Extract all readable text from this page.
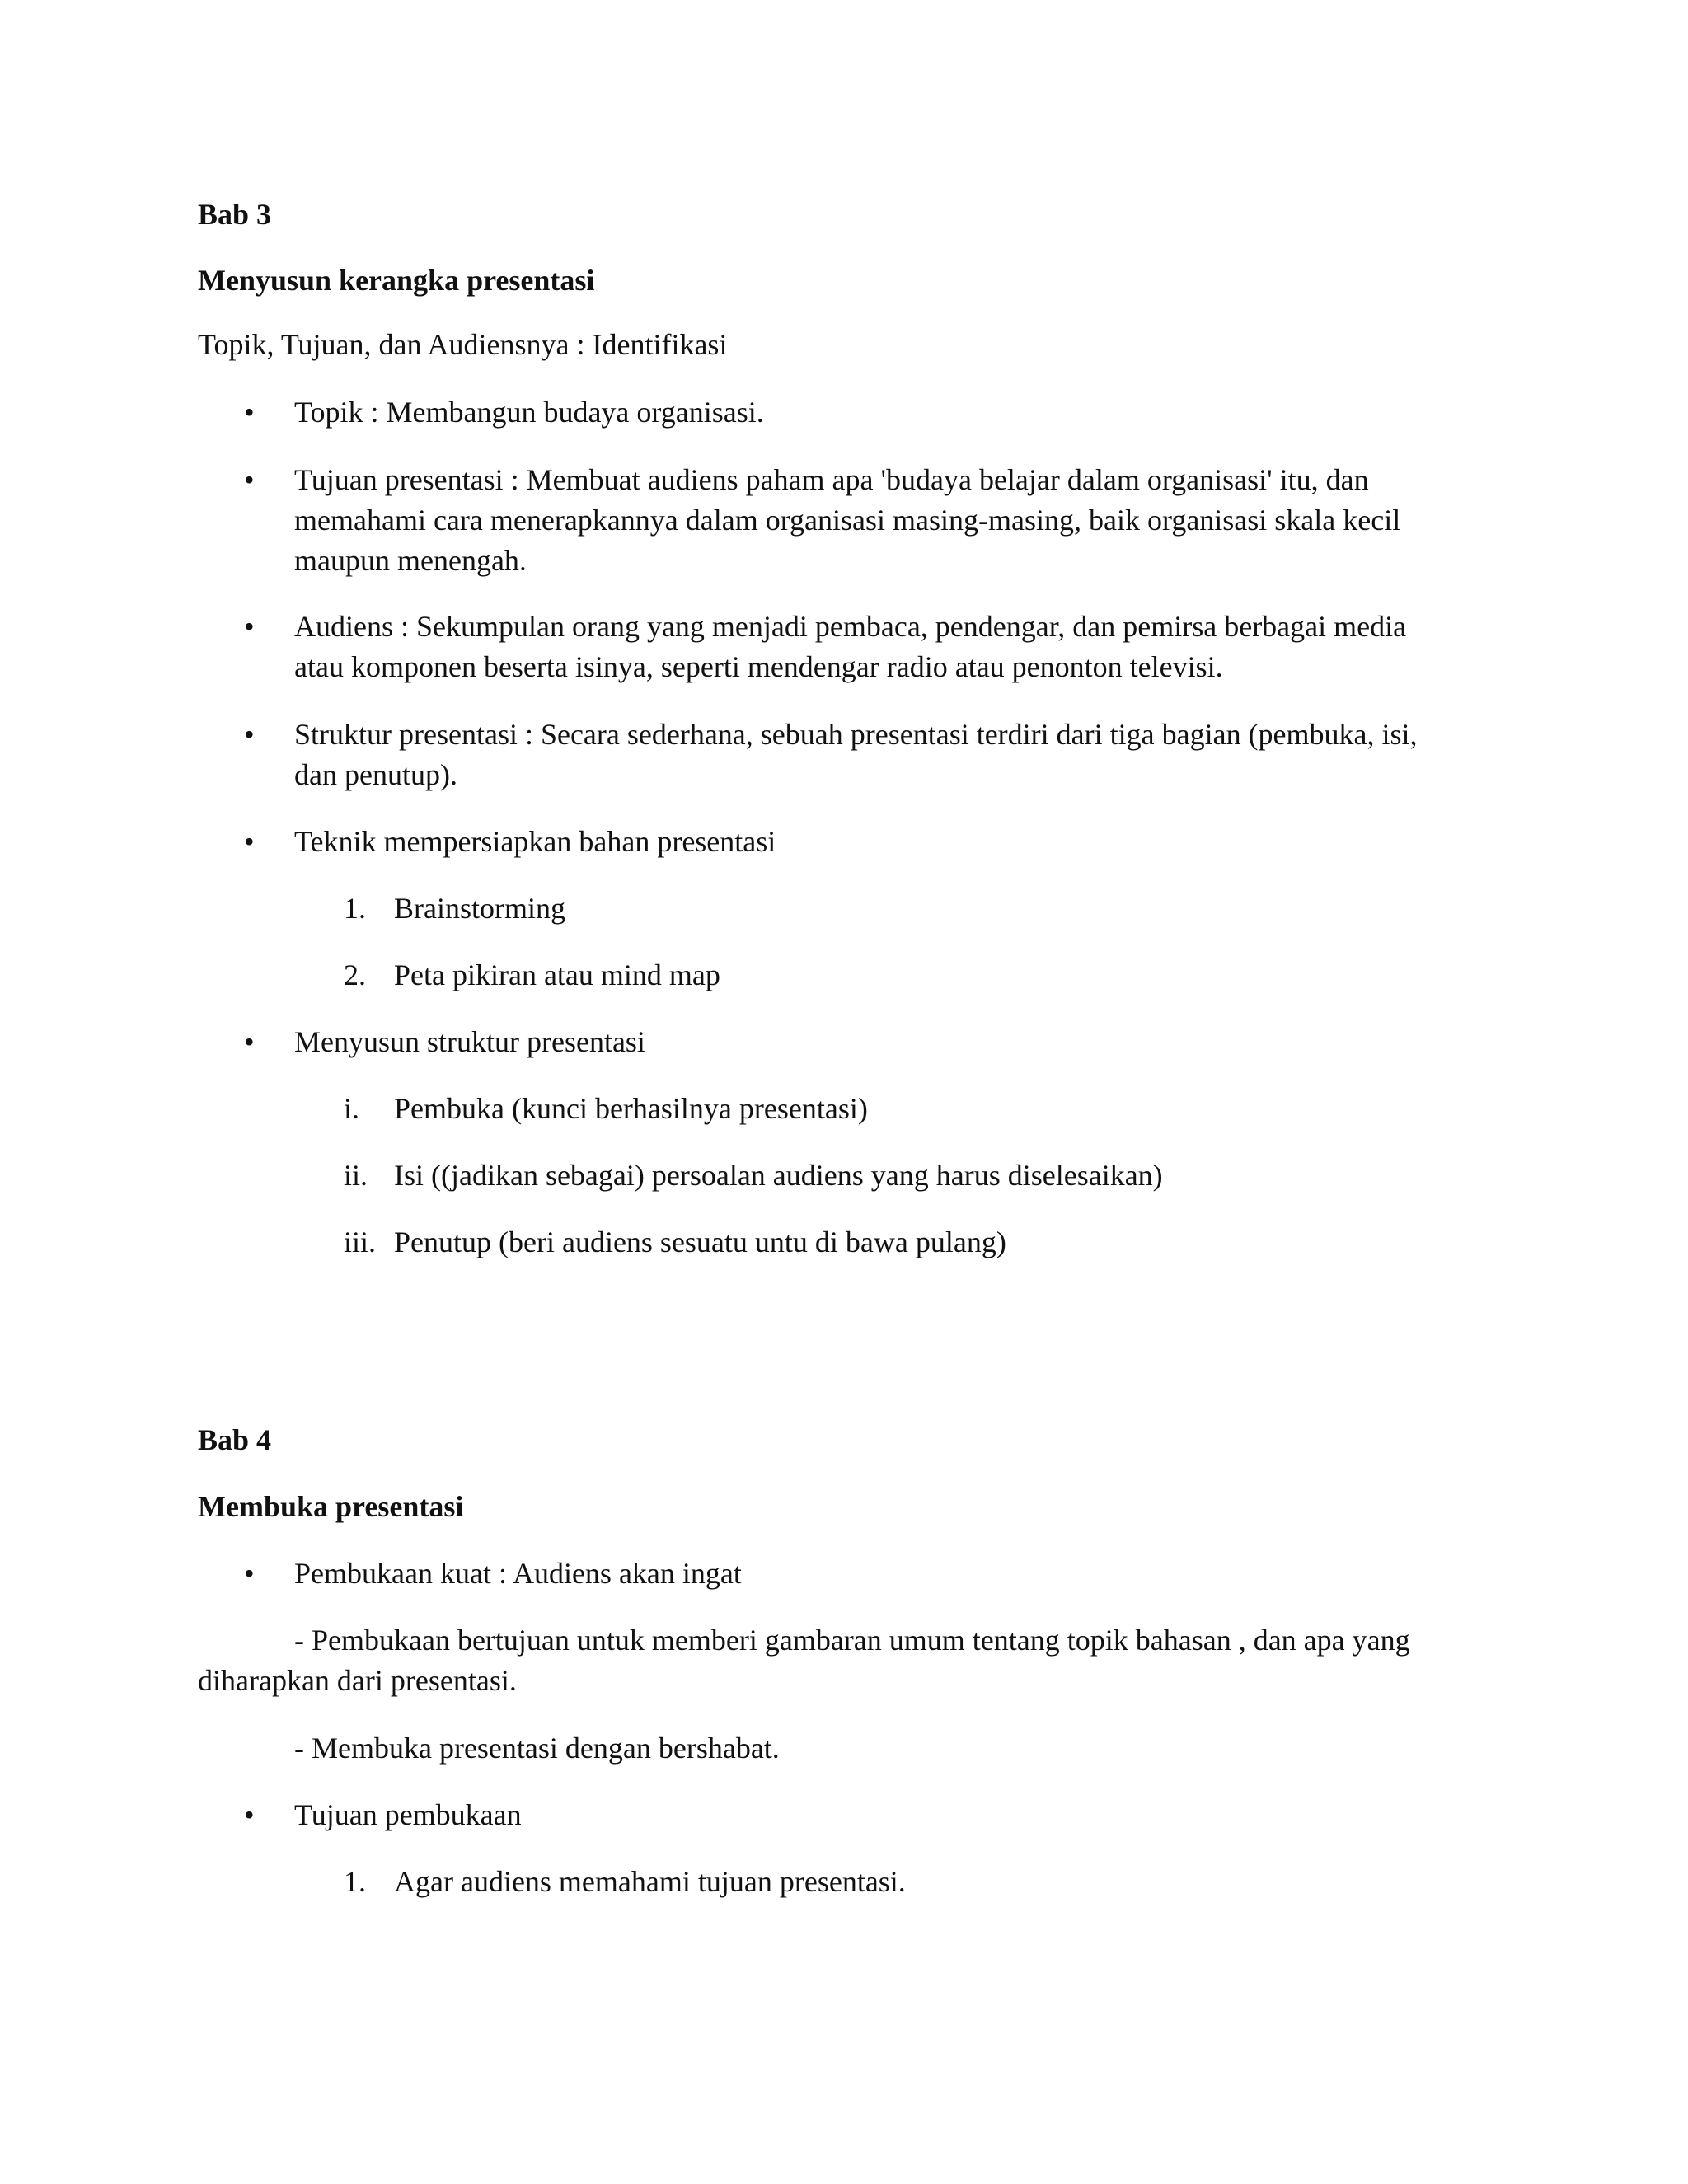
Bab 3
Menyusun kerangka presentasi
Topik, Tujuan, dan Audiensnya : Identifikasi
• Topik : Membangun budaya organisasi.
• Tujuan presentasi : Membuat audiens paham apa 'budaya belajar dalam organisasi' itu, dan
memahami cara menerapkannya dalam organisasi masing-masing, baik organisasi skala kecil
maupun menengah.
• Audiens : Sekumpulan orang yang menjadi pembaca, pendengar, dan pemirsa berbagai media
atau komponen beserta isinya, seperti mendengar radio atau penonton televisi.
• Struktur presentasi : Secara sederhana, sebuah presentasi terdiri dari tiga bagian (pembuka, isi,
dan penutup).
• Teknik mempersiapkan bahan presentasi
1. Brainstorming
2. Peta pikiran atau mind map
• Menyusun struktur presentasi
i. Pembuka (kunci berhasilnya presentasi)
ii. Isi ((jadikan sebagai) persoalan audiens yang harus diselesaikan)
iii. Penutup (beri audiens sesuatu untu di bawa pulang)
Bab 4
Membuka presentasi
• Pembukaan kuat : Audiens akan ingat
- Pembukaan bertujuan untuk memberi gambaran umum tentang topik bahasan , dan apa yang
diharapkan dari presentasi.
- Membuka presentasi dengan bershabat.
• Tujuan pembukaan
1. Agar audiens memahami tujuan presentasi.
